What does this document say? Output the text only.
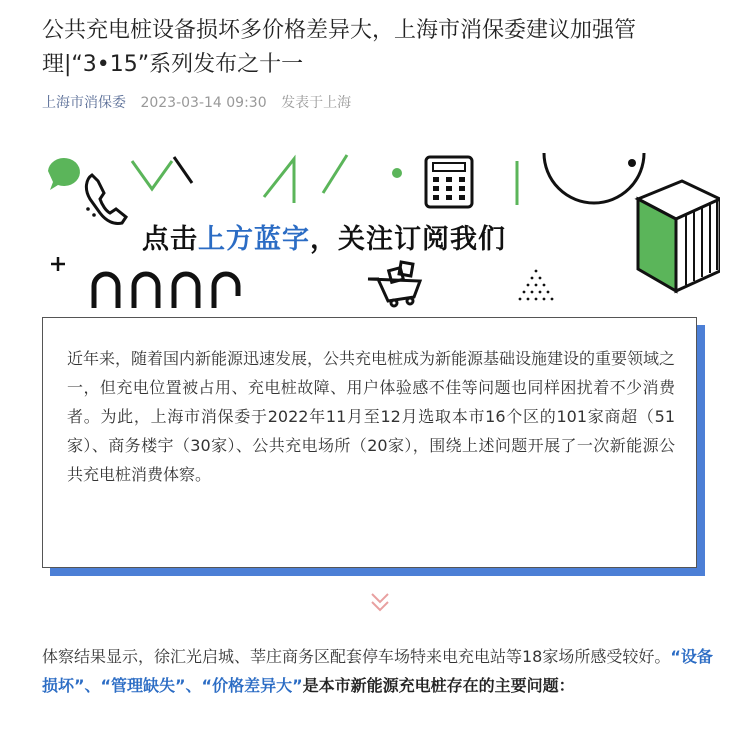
公共充电桩设备损坏多价格差异大，上海市消保委建议加强管理|“3•15”系列发布之十一
上海市消保委 2023-03-14 09:30 发表于上海
点击上方蓝字，关注订阅我们
近年来，随着国内新能源迅速发展，公共充电桩成为新能源基础设施建设的重要领域之一，但充电位置被占用、充电桩故障、用户体验感不佳等问题也同样困扰着不少消费者。为此，上海市消保委于2022年11月至12月选取本市16个区的101家商超（51家）、商务楼宇（30家）、公共充电场所（20家），围绕上述问题开展了一次新能源公共充电桩消费体察。
体察结果显示，徐汇光启城、莘庄商务区配套停车场特来电充电站等18家场所感受较好。“设备损坏”、“管理缺失”、“价格差异大”是本市新能源充电桩存在的主要问题：
